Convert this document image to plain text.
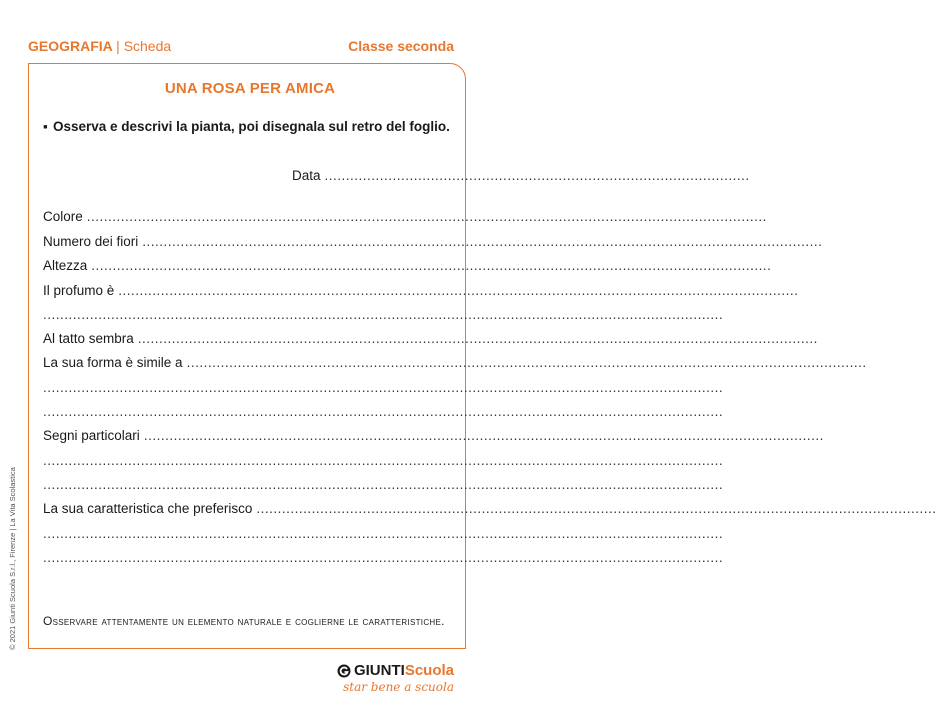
GEOGRAFIA | Scheda	Classe seconda
UNA ROSA PER AMICA
▪ Osserva e descrivi la pianta, poi disegnala sul retro del foglio.
Data ....................................................................................................
Colore ................................................................................................................................................................
Numero dei fiori ................................................................................................................................................................
Altezza ................................................................................................................................................................
Il profumo è ................................................................................................................................................................
................................................................................................................................................................
Al tatto sembra ................................................................................................................................................................
La sua forma è simile a ................................................................................................................................................................
................................................................................................................................................................
................................................................................................................................................................
Segni particolari ................................................................................................................................................................
................................................................................................................................................................
................................................................................................................................................................
La sua caratteristica che preferisco ................................................................................................................................................................
................................................................................................................................................................
................................................................................................................................................................
Osservare attentamente un elemento naturale e coglierne le caratteristiche.
© 2021 Giunti Scuola S.r.l., Firenze | La Vita Scolastica
GIUNTI Scuola
star bene a scuola
